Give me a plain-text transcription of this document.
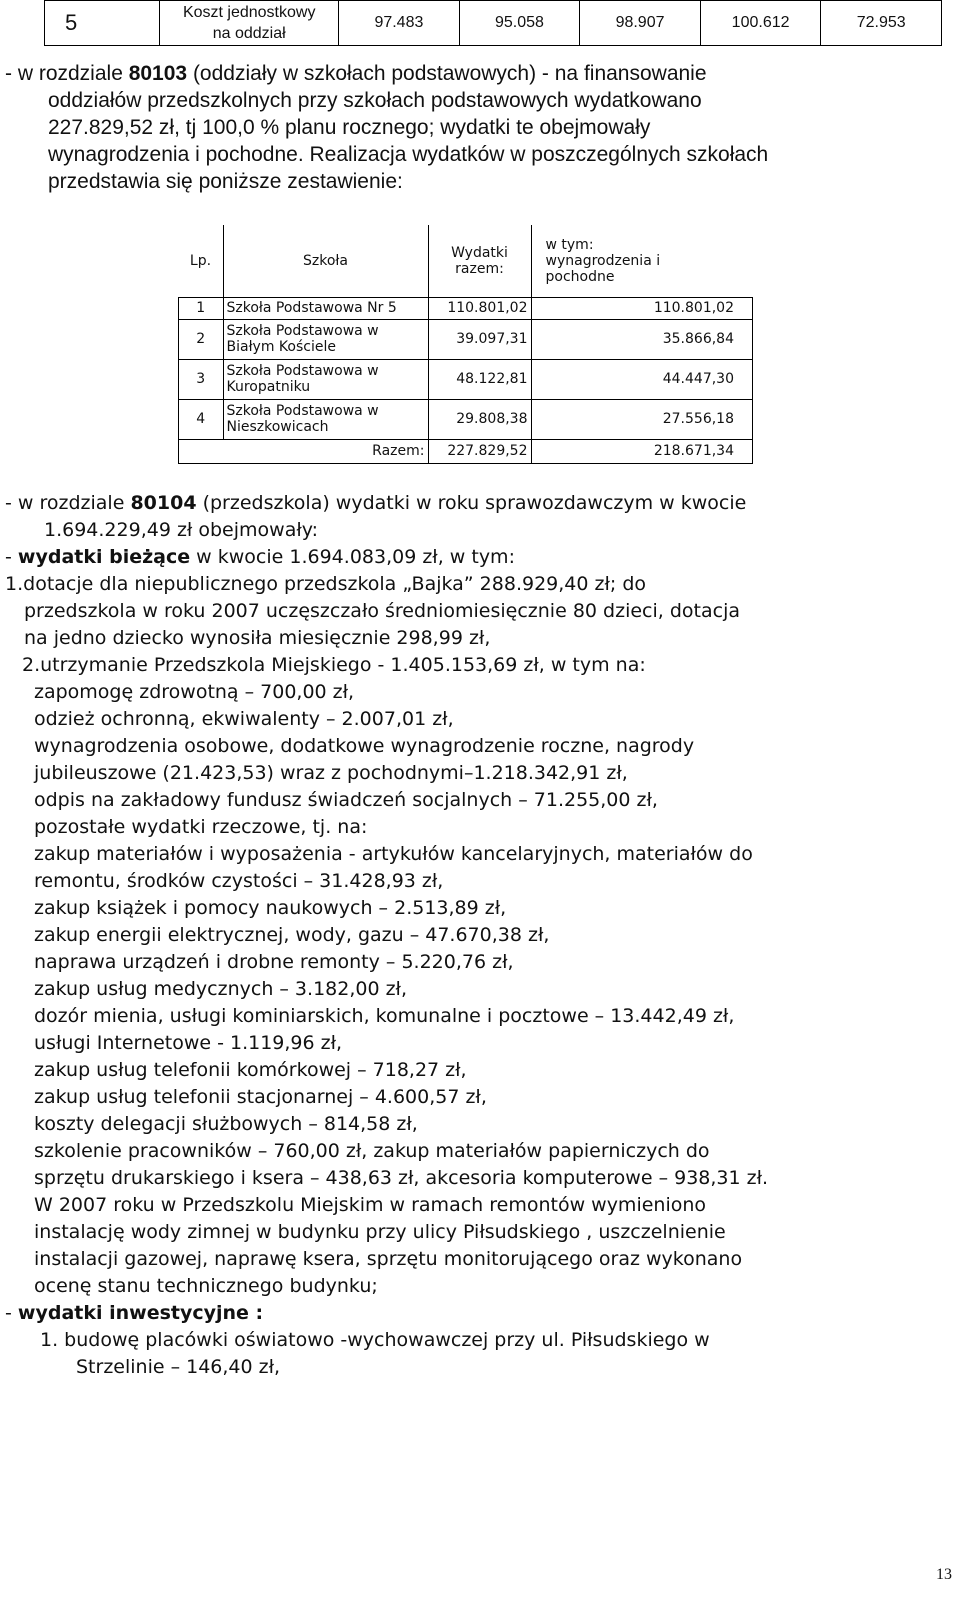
5	Koszt jednostkowy
na oddział	97.483	95.058	98.907	100.612	72.953
- w rozdziale 80103 (oddziały w szkołach podstawowych) - na finansowanie
oddziałów przedszkolnych przy szkołach podstawowych wydatkowano
227.829,52 zł, tj 100,0 % planu rocznego; wydatki te obejmowały
wynagrodzenia i pochodne. Realizacja wydatków w poszczególnych szkołach
przedstawia się poniższe zestawienie:
Lp.	Szkoła	Wydatki
razem:	w tym:
wynagrodzenia i
pochodne
1	Szkoła Podstawowa Nr 5	110.801,02	110.801,02
2	Szkoła Podstawowa w
Białym Kościele	39.097,31	35.866,84
3	Szkoła Podstawowa w
Kuropatniku	48.122,81	44.447,30
4	Szkoła Podstawowa w
Nieszkowicach	29.808,38	27.556,18
Razem:		227.829,52	218.671,34
- w rozdziale 80104 (przedszkola) wydatki w roku sprawozdawczym w kwocie
1.694.229,49 zł obejmowały:
- wydatki bieżące w kwocie 1.694.083,09 zł, w tym:
1.dotacje dla niepublicznego przedszkola „Bajka” 288.929,40 zł; do
przedszkola w roku 2007 uczęszczało średniomiesięcznie 80 dzieci, dotacja
na jedno dziecko wynosiła miesięcznie 298,99 zł,
2.utrzymanie Przedszkola Miejskiego - 1.405.153,69 zł, w tym na:
zapomogę zdrowotną – 700,00 zł,
odzież ochronną, ekwiwalenty – 2.007,01 zł,
wynagrodzenia osobowe, dodatkowe wynagrodzenie roczne, nagrody
jubileuszowe (21.423,53) wraz z pochodnymi–1.218.342,91 zł,
odpis na zakładowy fundusz świadczeń socjalnych – 71.255,00 zł,
pozostałe wydatki rzeczowe, tj. na:
zakup materiałów i wyposażenia - artykułów kancelaryjnych, materiałów do
remontu, środków czystości – 31.428,93 zł,
zakup książek i pomocy naukowych – 2.513,89 zł,
zakup energii elektrycznej, wody, gazu – 47.670,38 zł,
naprawa urządzeń i drobne remonty – 5.220,76 zł,
zakup usług medycznych – 3.182,00 zł,
dozór mienia, usługi kominiarskich, komunalne i pocztowe – 13.442,49 zł,
usługi Internetowe - 1.119,96 zł,
zakup usług telefonii komórkowej – 718,27 zł,
zakup usług telefonii stacjonarnej – 4.600,57 zł,
koszty delegacji służbowych – 814,58 zł,
szkolenie pracowników – 760,00 zł, zakup materiałów papierniczych do
sprzętu drukarskiego i ksera – 438,63 zł, akcesoria komputerowe – 938,31 zł.
W 2007 roku w Przedszkolu Miejskim w ramach remontów wymieniono
instalację wody zimnej w budynku przy ulicy Piłsudskiego , uszczelnienie
instalacji gazowej, naprawę ksera, sprzętu monitorującego oraz wykonano
ocenę stanu technicznego budynku;
- wydatki inwestycyjne :
1. budowę placówki oświatowo -wychowawczej przy ul. Piłsudskiego w
Strzelinie – 146,40 zł,
13
